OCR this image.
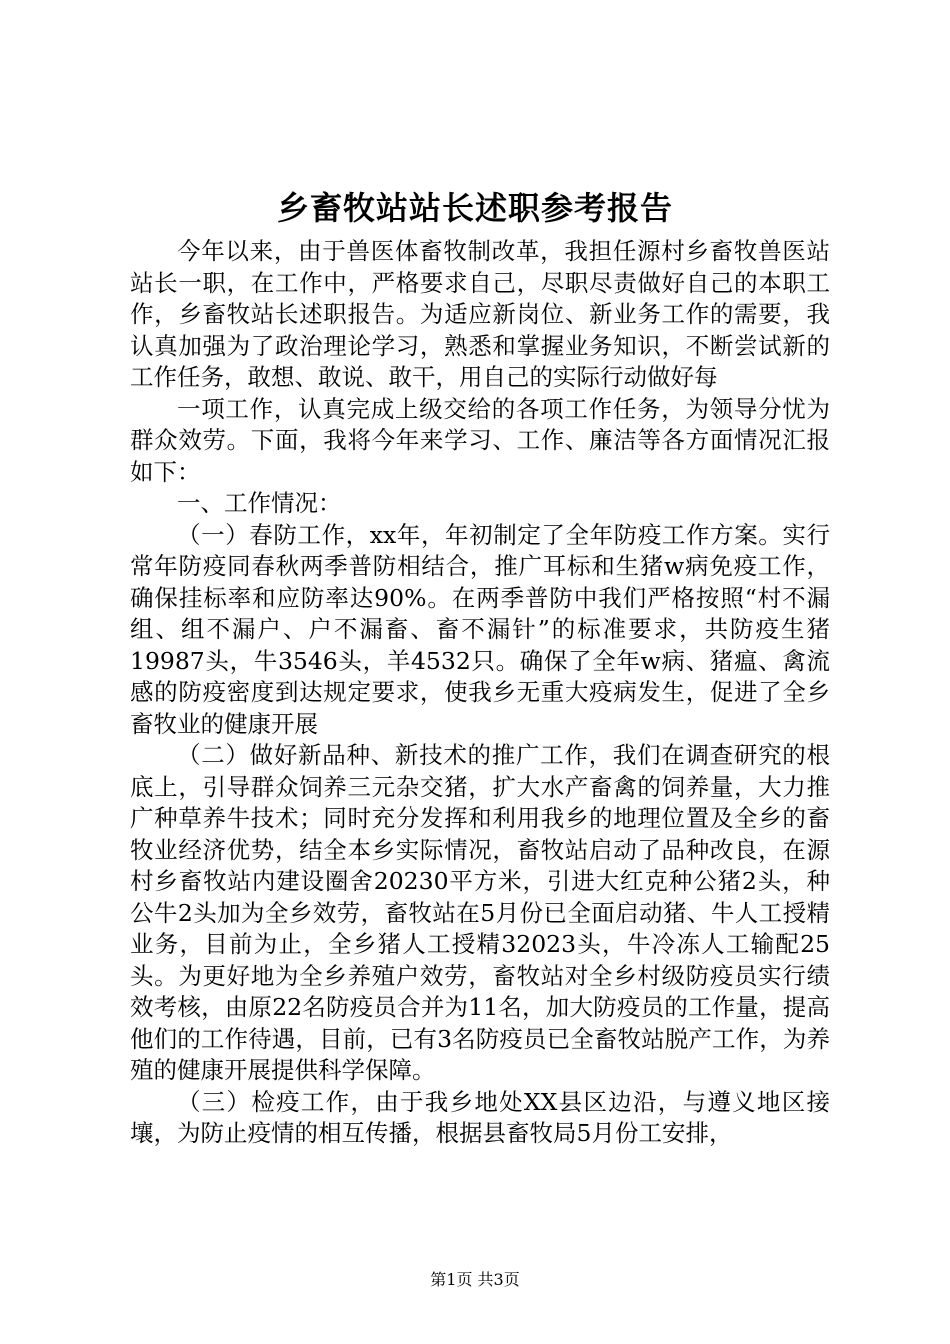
乡畜牧站站长述职参考报告

今年以来，由于兽医体畜牧制改革，我担任源村乡畜牧兽医站站长一职，在工作中，严格要求自己，尽职尽责做好自己的本职工作，乡畜牧站长述职报告。为适应新岗位、新业务工作的需要，我认真加强为了政治理论学习，熟悉和掌握业务知识，不断尝试新的工作任务，敢想、敢说、敢干，用自己的实际行动做好每

一项工作，认真完成上级交给的各项工作任务，为领导分忧为群众效劳。下面，我将今年来学习、工作、廉洁等各方面情况汇报如下：

一、工作情况：

（一）春防工作，xx年，年初制定了全年防疫工作方案。实行常年防疫同春秋两季普防相结合，推广耳标和生猪w病免疫工作，确保挂标率和应防率达90%。在两季普防中我们严格按照“村不漏组、组不漏户、户不漏畜、畜不漏针”的标准要求，共防疫生猪19987头，牛3546头，羊4532只。确保了全年w病、猪瘟、禽流感的防疫密度到达规定要求，使我乡无重大疫病发生，促进了全乡畜牧业的健康开展

（二）做好新品种、新技术的推广工作，我们在调查研究的根底上，引导群众饲养三元杂交猪，扩大水产畜禽的饲养量，大力推广种草养牛技术；同时充分发挥和利用我乡的地理位置及全乡的畜牧业经济优势，结全本乡实际情况，畜牧站启动了品种改良，在源村乡畜牧站内建设圈舍20230平方米，引进大红克种公猪2头，种公牛2头加为全乡效劳，畜牧站在5月份已全面启动猪、牛人工授精业务，目前为止，全乡猪人工授精32023头，牛冷冻人工输配25头。为更好地为全乡养殖户效劳，畜牧站对全乡村级防疫员实行绩效考核，由原22名防疫员合并为11名，加大防疫员的工作量，提高他们的工作待遇，目前，已有3名防疫员已全畜牧站脱产工作，为养殖的健康开展提供科学保障。

（三）检疫工作，由于我乡地处XX县区边沿，与遵义地区接壤，为防止疫情的相互传播，根据县畜牧局5月份工安排，

第1页 共3页
